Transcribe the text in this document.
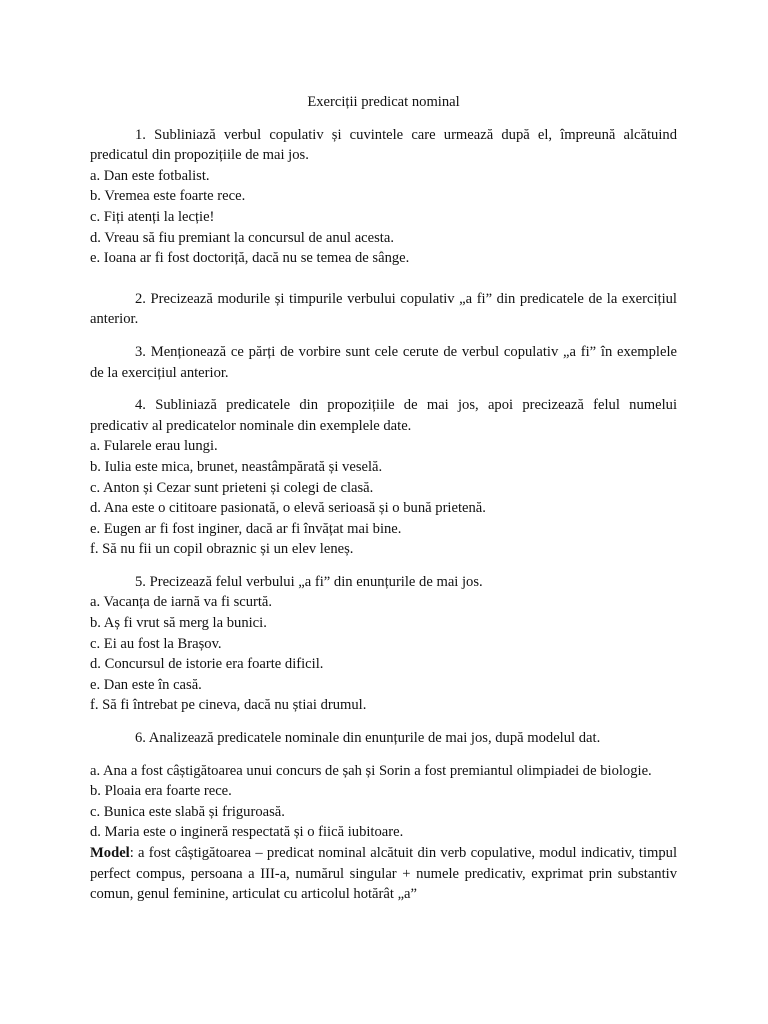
Exerciții predicat nominal

1. Subliniază verbul copulativ și cuvintele care urmează după el, împreună alcătuind predicatul din propozițiile de mai jos.

a. Dan este fotbalist.

b. Vremea este foarte rece.

c. Fiți atenți la lecție!

d. Vreau să fiu premiant la concursul de anul acesta.

e. Ioana ar fi fost doctoriță, dacă nu se temea de sânge.

2. Precizează modurile și timpurile verbului copulativ „a fi” din predicatele de la exercițiul anterior.

3. Menționează ce părți de vorbire sunt cele cerute de verbul copulativ „a fi” în exemplele de la exercițiul anterior.

4. Subliniază predicatele din propozițiile de mai jos, apoi precizează felul numelui predicativ al predicatelor nominale din exemplele date.

a. Fularele erau lungi.

b. Iulia este mica, brunet, neastâmpărată și veselă.

c. Anton și Cezar sunt prieteni și colegi de clasă.

d. Ana este o cititoare pasionată, o elevă serioasă și o bună prietenă.

e. Eugen ar fi fost inginer, dacă ar fi învățat mai bine.

f. Să nu fii un copil obraznic și un elev leneș.

5. Precizează felul verbului „a fi” din enunțurile de mai jos.

a. Vacanța de iarnă va fi scurtă.

b. Aș fi vrut să merg la bunici.

c. Ei au fost la Brașov.

d. Concursul de istorie era foarte dificil.

e. Dan este în casă.

f. Să fi întrebat pe cineva, dacă nu știai drumul.

6. Analizează predicatele nominale din enunțurile de mai jos, după modelul dat.

a. Ana a fost câștigătoarea unui concurs de șah și Sorin a fost premiantul olimpiadei de biologie.

b. Ploaia era foarte rece.

c. Bunica este slabă și friguroasă.

d. Maria este o ingineră respectată și o fiică iubitoare.

Model: a fost câștigătoarea – predicat nominal alcătuit din verb copulative, modul indicativ, timpul perfect compus, persoana a III-a, numărul singular + numele predicativ, exprimat prin substantiv comun, genul feminine, articulat cu articolul hotărât „a”
